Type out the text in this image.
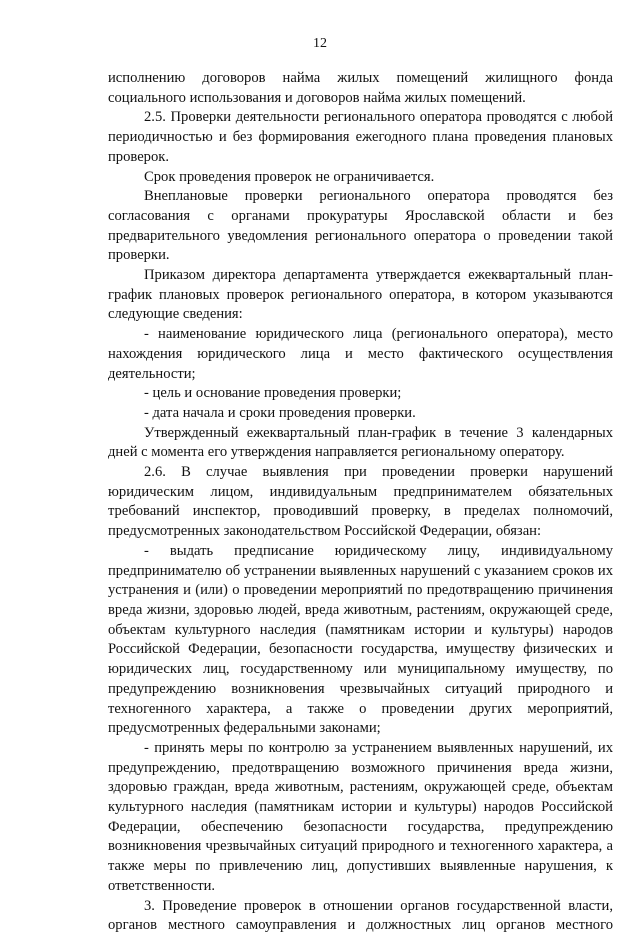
12

исполнению договоров найма жилых помещений жилищного фонда социального использования и договоров найма жилых помещений.

2.5. Проверки деятельности регионального оператора проводятся с любой периодичностью и без формирования ежегодного плана проведения плановых проверок.

Срок проведения проверок не ограничивается.

Внеплановые проверки регионального оператора проводятся без согласования с органами прокуратуры Ярославской области и без предварительного уведомления регионального оператора о проведении такой проверки.

Приказом директора департамента утверждается ежеквартальный план-график плановых проверок регионального оператора, в котором указываются следующие сведения:

- наименование юридического лица (регионального оператора), место нахождения юридического лица и место фактического осуществления деятельности;

- цель и основание проведения проверки;

- дата начала и сроки проведения проверки.

Утвержденный ежеквартальный план-график в течение 3 календарных дней с момента его утверждения направляется региональному оператору.

2.6. В случае выявления при проведении проверки нарушений юридическим лицом, индивидуальным предпринимателем обязательных требований инспектор, проводивший проверку, в пределах полномочий, предусмотренных законодательством Российской Федерации, обязан:

- выдать предписание юридическому лицу, индивидуальному предпринимателю об устранении выявленных нарушений с указанием сроков их устранения и (или) о проведении мероприятий по предотвращению причинения вреда жизни, здоровью людей, вреда животным, растениям, окружающей среде, объектам культурного наследия (памятникам истории и культуры) народов Российской Федерации, безопасности государства, имуществу физических и юридических лиц, государственному или муниципальному имуществу, по предупреждению возникновения чрезвычайных ситуаций природного и техногенного характера, а также о проведении других мероприятий, предусмотренных федеральными законами;

- принять меры по контролю за устранением выявленных нарушений, их предупреждению, предотвращению возможного причинения вреда жизни, здоровью граждан, вреда животным, растениям, окружающей среде, объектам культурного наследия (памятникам истории и культуры) народов Российской Федерации, обеспечению безопасности государства, предупреждению возникновения чрезвычайных ситуаций природного и техногенного характера, а также меры по привлечению лиц, допустивших выявленные нарушения, к ответственности.

3. Проведение проверок в отношении органов государственной власти, органов местного самоуправления и должностных лиц органов местного
